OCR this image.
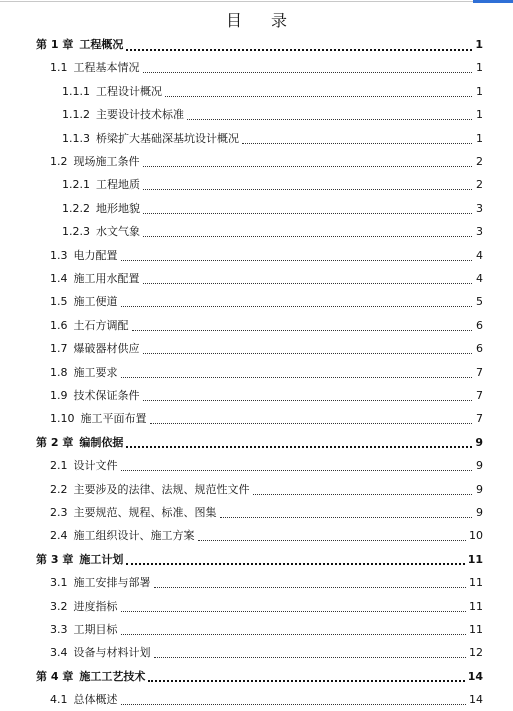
目 录
第 1 章 工程概况	1
1.1 工程基本情况	1
1.1.1 工程设计概况	1
1.1.2 主要设计技术标准	1
1.1.3 桥梁扩大基础深基坑设计概况	1
1.2 现场施工条件	2
1.2.1 工程地质	2
1.2.2 地形地貌	3
1.2.3 水文气象	3
1.3 电力配置	4
1.4 施工用水配置	4
1.5 施工便道	5
1.6 土石方调配	6
1.7 爆破器材供应	6
1.8 施工要求	7
1.9 技术保证条件	7
1.10 施工平面布置	7
第 2 章 编制依据	9
2.1 设计文件	9
2.2 主要涉及的法律、法规、规范性文件	9
2.3 主要规范、规程、标准、图集	9
2.4 施工组织设计、施工方案	10
第 3 章 施工计划	11
3.1 施工安排与部署	11
3.2 进度指标	11
3.3 工期目标	11
3.4 设备与材料计划	12
第 4 章 施工工艺技术	14
4.1 总体概述	14
